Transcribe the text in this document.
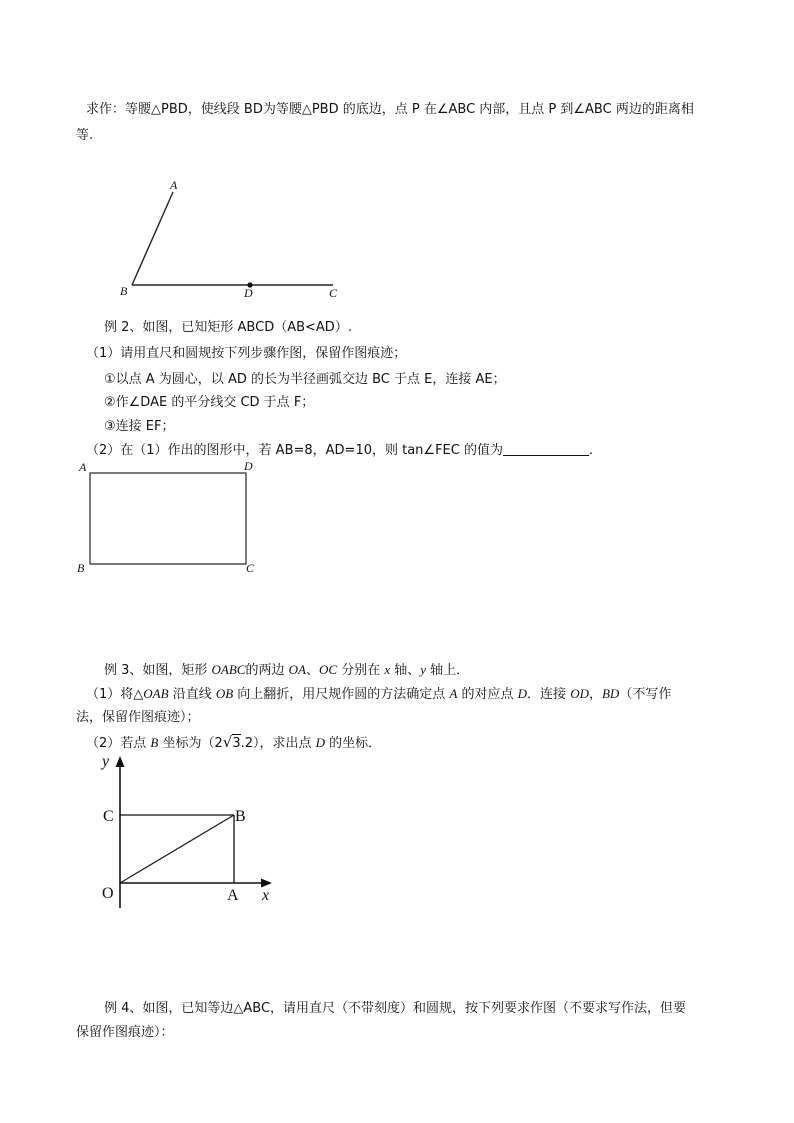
求作：等腰△PBD，使线段 BD为等腰△PBD 的底边，点 P 在∠ABC 内部，且点 P 到∠ABC 两边的距离相
等.
A
B	D	C
例 2、如图，已知矩形 ABCD（AB<AD）.
（1）请用直尺和圆规按下列步骤作图，保留作图痕迹；
①以点 A 为圆心，以 AD 的长为半径画弧交边 BC 于点 E，连接 AE；
②作∠DAE 的平分线交 CD 于点 F；
③连接 EF；
（2）在（1）作出的图形中，若 AB=8，AD=10，则 tan∠FEC 的值为	.
A	D
B	C
例 3、如图，矩形 OABC的两边 OA、OC 分别在 x 轴、y 轴上．
（1）将△OAB 沿直线 OB 向上翻折，用尺规作圆的方法确定点 A 的对应点 D．连接 OD，BD（不写作
法，保留作图痕迹）；
（2）若点 B 坐标为（2√3.2），求出点 D 的坐标．
y
C	B
O	A x
例 4、如图，已知等边△ABC，请用直尺（不带刻度）和圆规，按下列要求作图（不要求写作法，但要
保留作图痕迹）：
